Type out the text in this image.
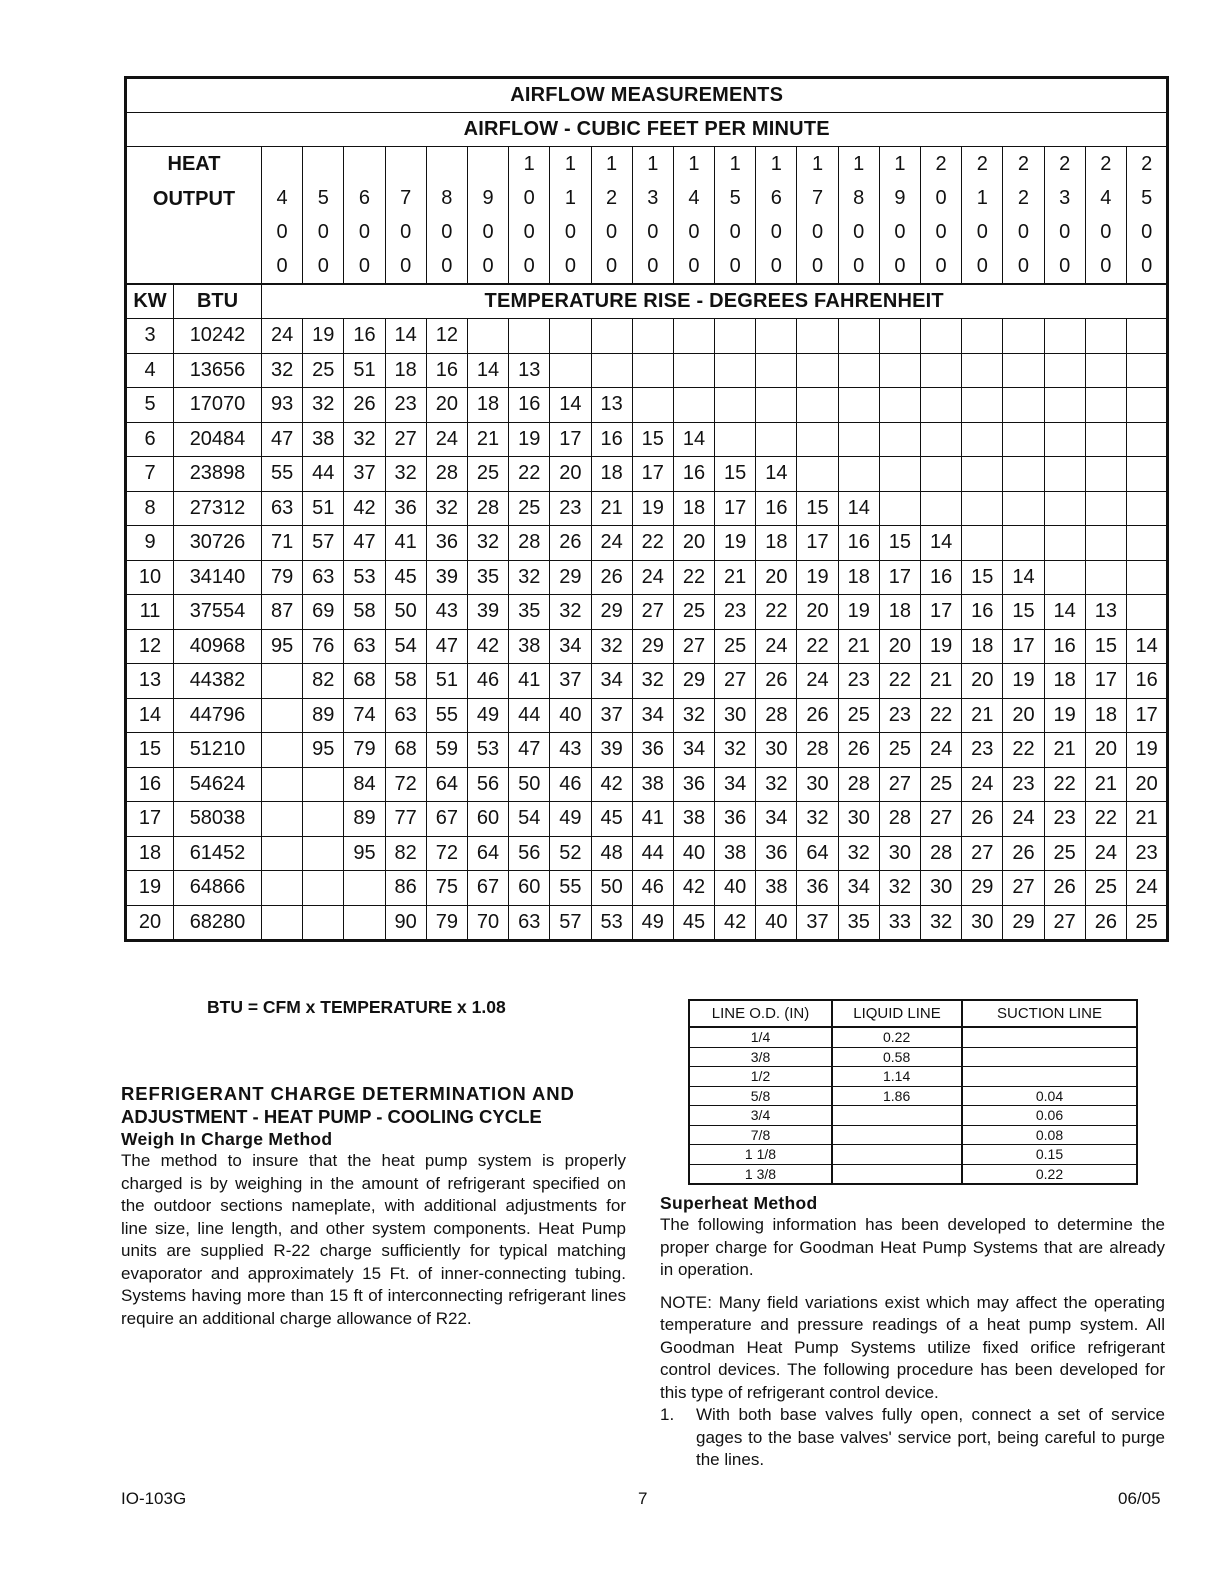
AIRFLOW MEASUREMENTS																							
AIRFLOW - CUBIC FEET PER MINUTE																							

HEAT
OUTPUT								1	1	1	1	1	1	1	1	1	1	2	2	2	2	2	2
		4	5	6	7	8	9	0	1	2	3	4	5	6	7	8	9	0	1	2	3	4	5
		0	0	0	0	0	0	0	0	0	0	0	0	0	0	0	0	0	0	0	0	0	0
		0	0	0	0	0	0	0	0	0	0	0	0	0	0	0	0	0	0	0	0	0	0
KW	BTU	TEMPERATURE RISE - DEGREES FAHRENHEIT																					
3	10242	24	19	16	14	12																	
4	13656	32	25	51	18	16	14	13															
5	17070	93	32	26	23	20	18	16	14	13													
6	20484	47	38	32	27	24	21	19	17	16	15	14											
7	23898	55	44	37	32	28	25	22	20	18	17	16	15	14									
8	27312	63	51	42	36	32	28	25	23	21	19	18	17	16	15	14							
9	30726	71	57	47	41	36	32	28	26	24	22	20	19	18	17	16	15	14					
10	34140	79	63	53	45	39	35	32	29	26	24	22	21	20	19	18	17	16	15	14			
11	37554	87	69	58	50	43	39	35	32	29	27	25	23	22	20	19	18	17	16	15	14	13	
12	40968	95	76	63	54	47	42	38	34	32	29	27	25	24	22	21	20	19	18	17	16	15	14
13	44382		82	68	58	51	46	41	37	34	32	29	27	26	24	23	22	21	20	19	18	17	16
14	44796		89	74	63	55	49	44	40	37	34	32	30	28	26	25	23	22	21	20	19	18	17
15	51210		95	79	68	59	53	47	43	39	36	34	32	30	28	26	25	24	23	22	21	20	19
16	54624			84	72	64	56	50	46	42	38	36	34	32	30	28	27	25	24	23	22	21	20
17	58038			89	77	67	60	54	49	45	41	38	36	34	32	30	28	27	26	24	23	22	21
18	61452			95	82	72	64	56	52	48	44	40	38	36	64	32	30	28	27	26	25	24	23
19	64866				86	75	67	60	55	50	46	42	40	38	36	34	32	30	29	27	26	25	24
20	68280				90	79	70	63	57	53	49	45	42	40	37	35	33	32	30	29	27	26	25
BTU = CFM x TEMPERATURE x 1.08
REFRIGERANT CHARGE DETERMINATION AND
ADJUSTMENT - HEAT PUMP - COOLING CYCLE
Weigh In Charge Method

The method to insure that the heat pump system is properly charged is by weighing in the amount of refrigerant specified on the outdoor sections nameplate, with additional adjustments for line size, line length, and other system components. Heat Pump units are supplied R-22 charge sufficiently for typical matching evaporator and approximately 15 Ft. of inner-connecting tubing. Systems having more than 15 ft of interconnecting refrigerant lines require an additional charge allowance of R22.

LINE O.D. (IN)	LIQUID LINE	SUCTION LINE
1/4	0.22	
3/8	0.58	
1/2	1.14	
5/8	1.86	0.04
3/4		0.06
7/8		0.08
1 1/8		0.15
1 3/8		0.22
Superheat Method

The following information has been developed to determine the proper charge for Goodman Heat Pump Systems that are already in operation.

NOTE: Many field variations exist which may affect the operating temperature and pressure readings of a heat pump system. All Goodman Heat Pump Systems utilize fixed orifice refrigerant control devices. The following procedure has been developed for this type of refrigerant control device.

1.	With both base valves fully open, connect a set of service gages to the base valves' service port, being careful to purge the lines.
IO-103G	7	06/05
